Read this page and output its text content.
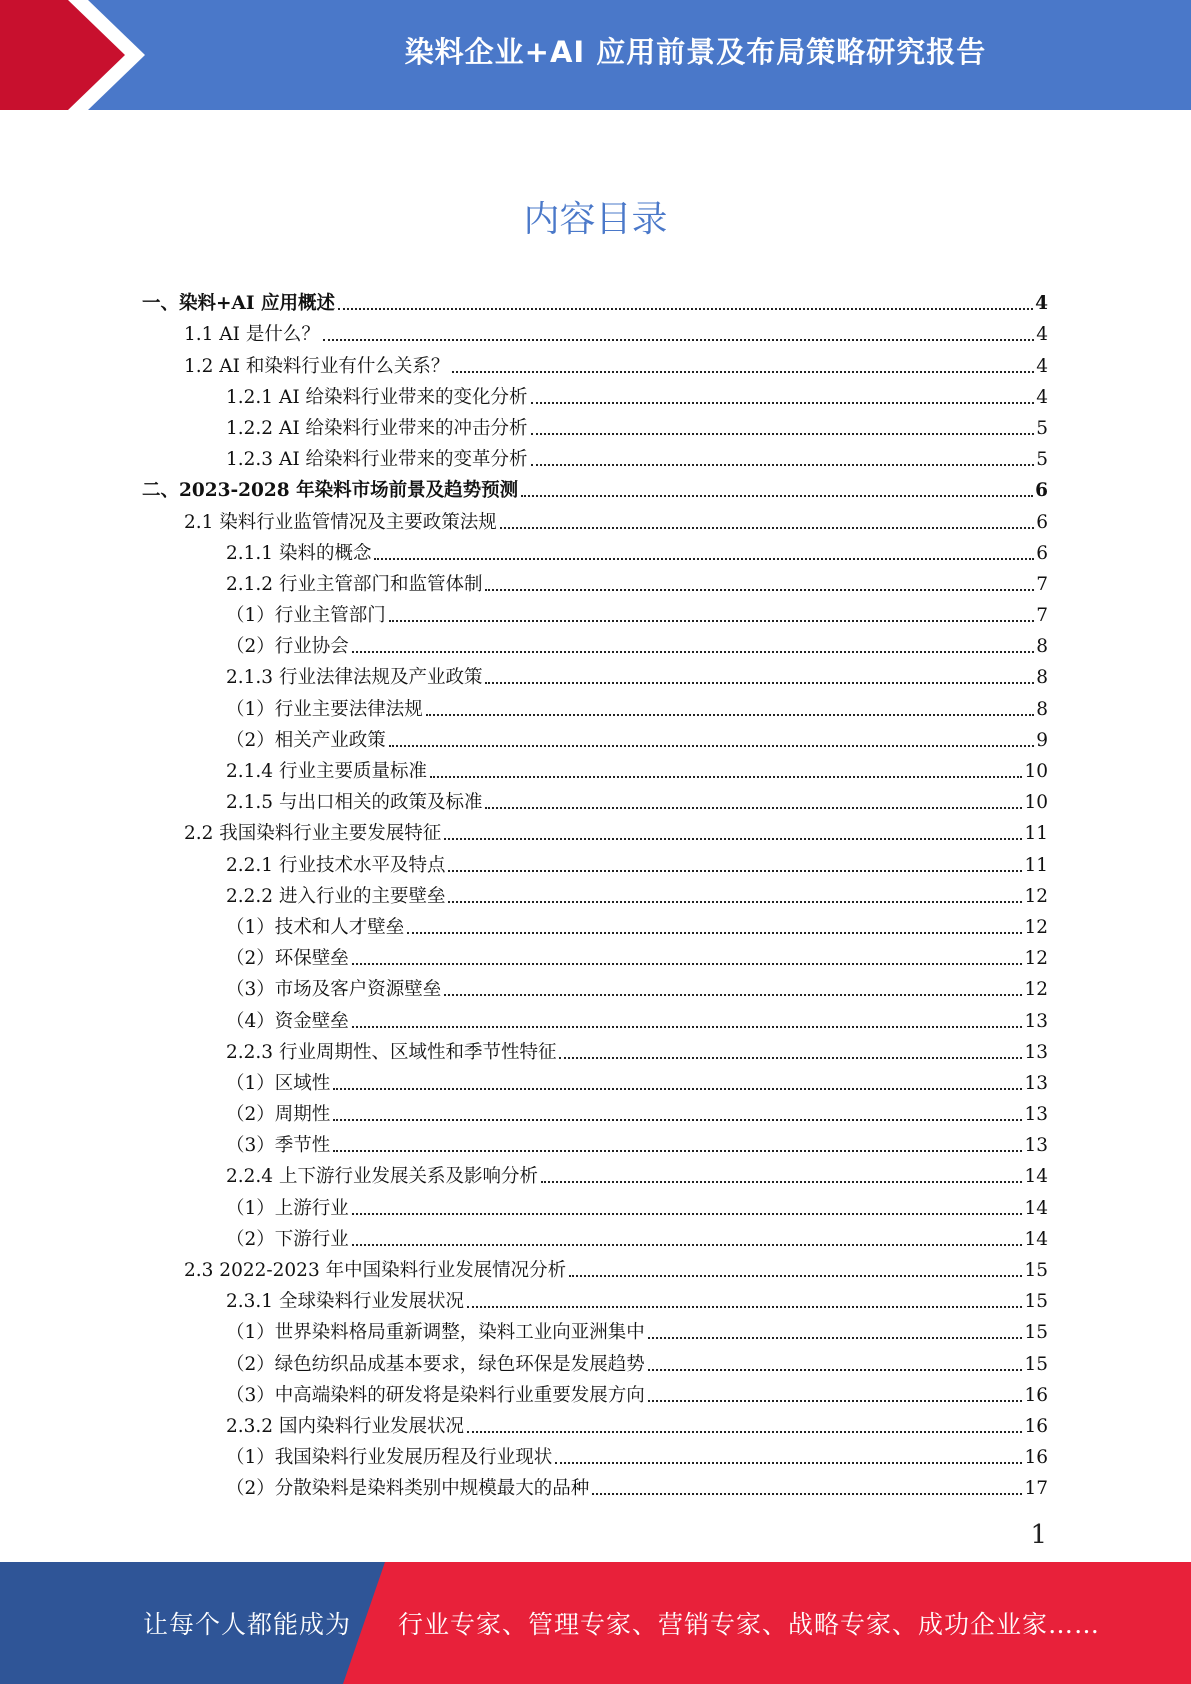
染料企业+AI 应用前景及布局策略研究报告
内容目录
一、染料+AI 应用概述	4
1.1 AI 是什么？	4
1.2 AI 和染料行业有什么关系？	4
1.2.1 AI 给染料行业带来的变化分析	4
1.2.2 AI 给染料行业带来的冲击分析	5
1.2.3 AI 给染料行业带来的变革分析	5
二、2023-2028 年染料市场前景及趋势预测	6
2.1 染料行业监管情况及主要政策法规	6
2.1.1 染料的概念	6
2.1.2 行业主管部门和监管体制	7
（1）行业主管部门	7
（2）行业协会	8
2.1.3 行业法律法规及产业政策	8
（1）行业主要法律法规	8
（2）相关产业政策	9
2.1.4 行业主要质量标准	10
2.1.5 与出口相关的政策及标准	10
2.2 我国染料行业主要发展特征	11
2.2.1 行业技术水平及特点	11
2.2.2 进入行业的主要壁垒	12
（1）技术和人才壁垒	12
（2）环保壁垒	12
（3）市场及客户资源壁垒	12
（4）资金壁垒	13
2.2.3 行业周期性、区域性和季节性特征	13
（1）区域性	13
（2）周期性	13
（3）季节性	13
2.2.4 上下游行业发展关系及影响分析	14
（1）上游行业	14
（2）下游行业	14
2.3 2022-2023 年中国染料行业发展情况分析	15
2.3.1 全球染料行业发展状况	15
（1）世界染料格局重新调整，染料工业向亚洲集中	15
（2）绿色纺织品成基本要求，绿色环保是发展趋势	15
（3）中高端染料的研发将是染料行业重要发展方向	16
2.3.2 国内染料行业发展状况	16
（1）我国染料行业发展历程及行业现状	16
（2）分散染料是染料类别中规模最大的品种	17
1
让每个人都能成为 行业专家、管理专家、营销专家、战略专家、成功企业家……
